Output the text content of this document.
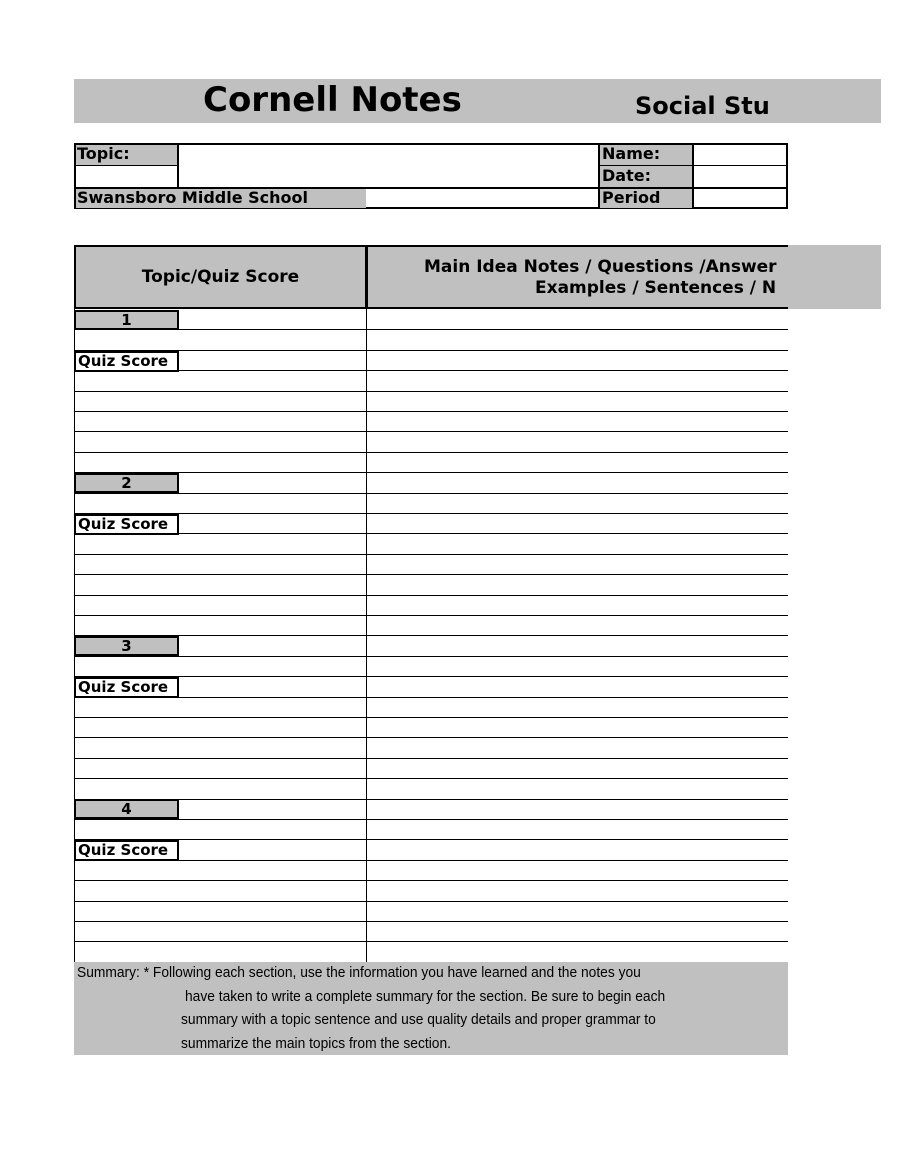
Cornell Notes	Social Stu
Topic:
Swansboro Middle School
Name:
Date:
Period
Topic/Quiz Score	Main Idea Notes / Questions /Answer
Examples / Sentences / N
1
Quiz Score
2
Quiz Score
3
Quiz Score
4
Quiz Score
Summary: * Following each section, use the information you have learned and the notes you
have taken to write a complete summary for the section. Be sure to begin each
summary with a topic sentence and use quality details and proper grammar to
summarize the main topics from the section.
